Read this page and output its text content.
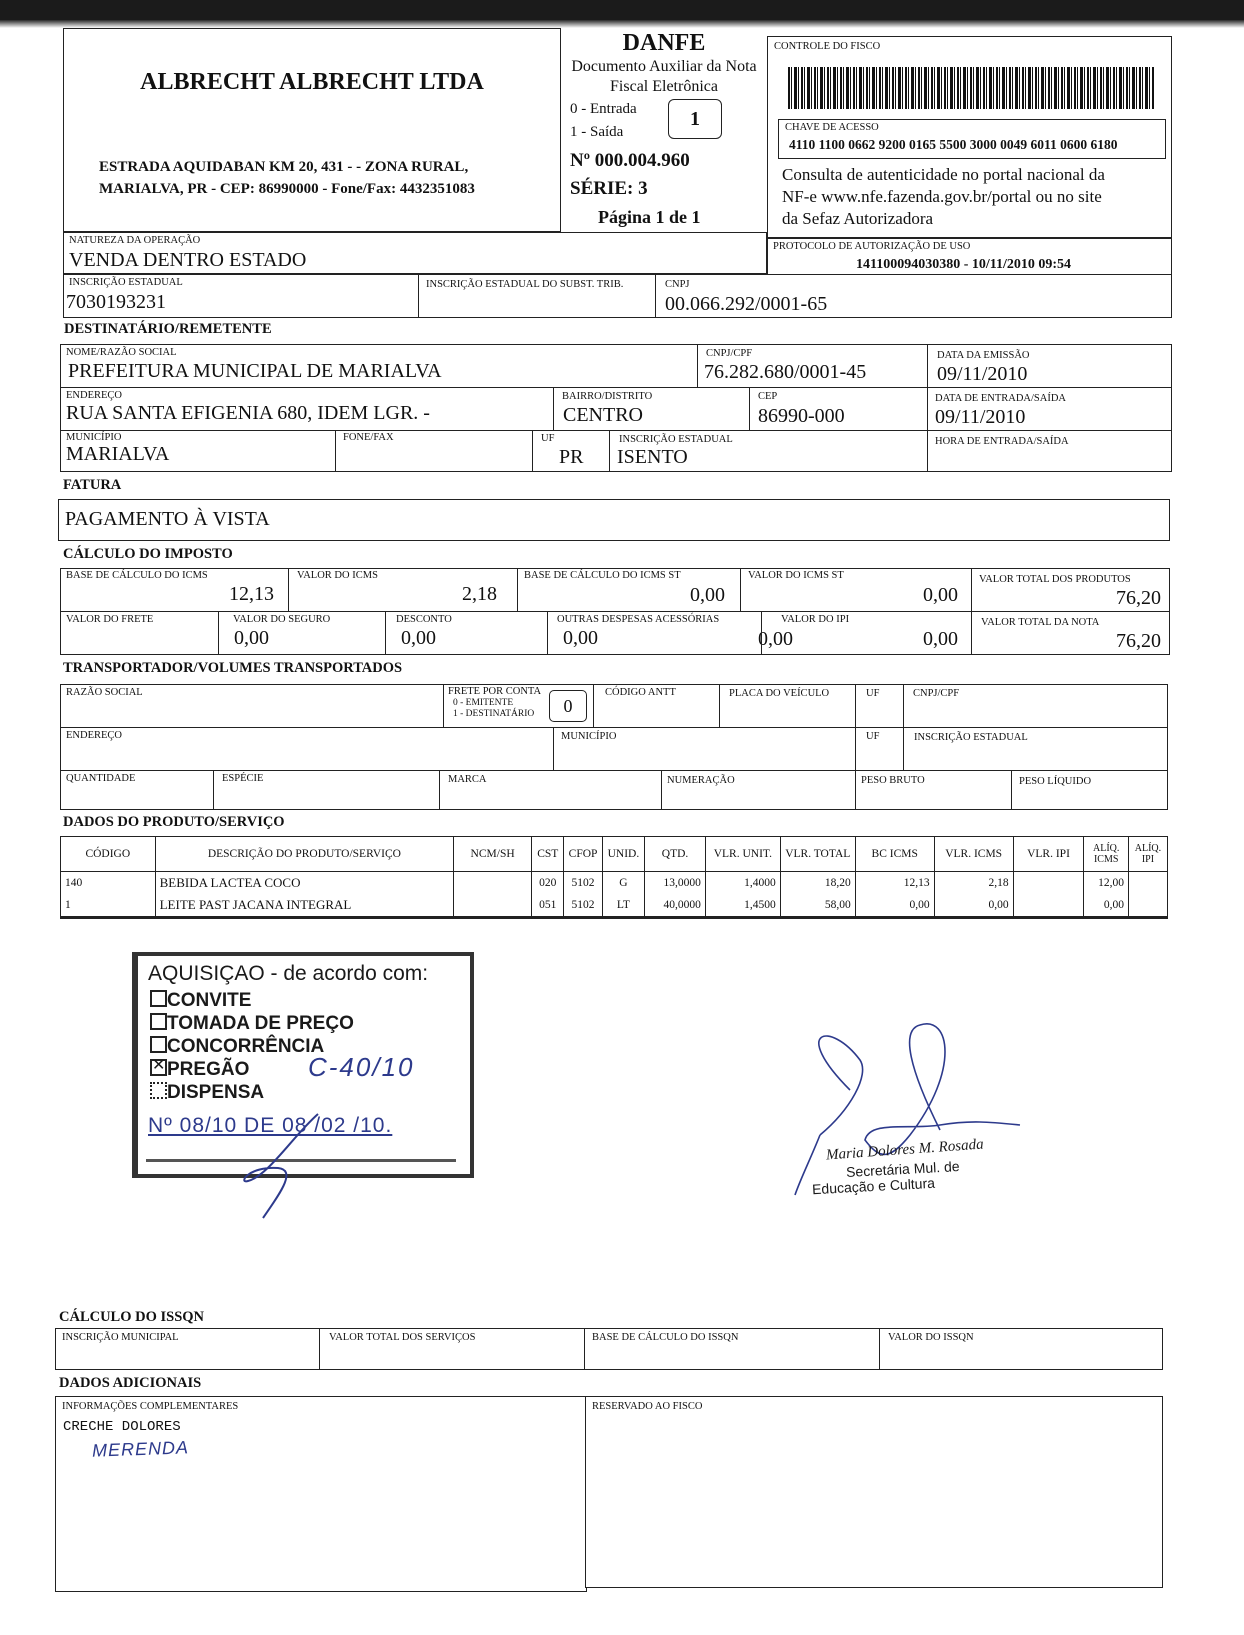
ALBRECHT ALBRECHT LTDA
ESTRADA AQUIDABAN KM 20, 431 - - ZONA RURAL,
MARIALVA, PR - CEP: 86990000 - Fone/Fax: 4432351083
DANFE
Documento Auxiliar da Nota
Fiscal Eletrônica
0 - Entrada
1 - Saída
1
Nº 000.004.960
SÉRIE: 3
Página 1 de 1
CONTROLE DO FISCO
CHAVE DE ACESSO
4110 1100 0662 9200 0165 5500 3000 0049 6011 0600 6180
Consulta de autenticidade no portal nacional da
NF-e www.nfe.fazenda.gov.br/portal ou no site
da Sefaz Autorizadora
NATUREZA DA OPERAÇÃO
VENDA DENTRO ESTADO
PROTOCOLO DE AUTORIZAÇÃO DE USO
141100094030380 - 10/11/2010 09:54
INSCRIÇÃO ESTADUAL
7030193231
INSCRIÇÃO ESTADUAL DO SUBST. TRIB.	CNPJ
00.066.292/0001-65
DESTINATÁRIO/REMETENTE
NOME/RAZÃO SOCIAL
PREFEITURA MUNICIPAL DE MARIALVA
CNPJ/CPF
76.282.680/0001-45
DATA DA EMISSÃO
09/11/2010
ENDEREÇO
RUA SANTA EFIGENIA 680, IDEM LGR. -
BAIRRO/DISTRITO
CENTRO
CEP
86990-000
DATA DE ENTRADA/SAÍDA
09/11/2010
MUNICÍPIO
MARIALVA
FONE/FAX	UF
PR
INSCRIÇÃO ESTADUAL
ISENTO
HORA DE ENTRADA/SAÍDA
FATURA
PAGAMENTO À VISTA
CÁLCULO DO IMPOSTO
BASE DE CÁLCULO DO ICMS
12,13
VALOR DO ICMS
2,18
BASE DE CÁLCULO DO ICMS ST
0,00
VALOR DO ICMS ST
0,00
VALOR TOTAL DOS PRODUTOS
76,20
VALOR DO FRETE
0,00
VALOR DO SEGURO
0,00
DESCONTO
0,00
OUTRAS DESPESAS ACESSÓRIAS
0,00
VALOR DO IPI
0,00
VALOR TOTAL DA NOTA
76,20
TRANSPORTADOR/VOLUMES TRANSPORTADOS
RAZÃO SOCIAL	FRETE POR CONTA
0 - EMITENTE
1 - DESTINATÁRIO	0
CÓDIGO ANTT	PLACA DO VEÍCULO	UF	CNPJ/CPF
ENDEREÇO	MUNICÍPIO	UF	INSCRIÇÃO ESTADUAL
QUANTIDADE	ESPÉCIE	MARCA	NUMERAÇÃO	PESO BRUTO	PESO LÍQUIDO
DADOS DO PRODUTO/SERVIÇO
CÓDIGO	DESCRIÇÃO DO PRODUTO/SERVIÇO	NCM/SH	CST	CFOP	UNID.	QTD.	VLR. UNIT.	VLR. TOTAL	BC ICMS	VLR. ICMS	VLR. IPI	ALÍQ. ICMS	ALÍQ. IPI
140	BEBIDA LACTEA COCO		020	5102	G	13,0000	1,4000	18,20	12,13	2,18		12,00	
1	LEITE PAST JACANA INTEGRAL		051	5102	LT	40,0000	1,4500	58,00	0,00	0,00		0,00	
AQUISIÇAO - de acordo com:
CONVITE
TOMADA DE PREÇO
CONCORRÊNCIA
✕ PREGÃO
DISPENSA
C-40/10
Nº 08/10 DE 08 /02 /10.
Maria Dolores M. Rosada
Secretária Mul. de
Educação e Cultura
CÁLCULO DO ISSQN
INSCRIÇÃO MUNICIPAL	VALOR TOTAL DOS SERVIÇOS	BASE DE CÁLCULO DO ISSQN	VALOR DO ISSQN
DADOS ADICIONAIS
INFORMAÇÕES COMPLEMENTARES
CRECHE DOLORES
MERENDA
RESERVADO AO FISCO
